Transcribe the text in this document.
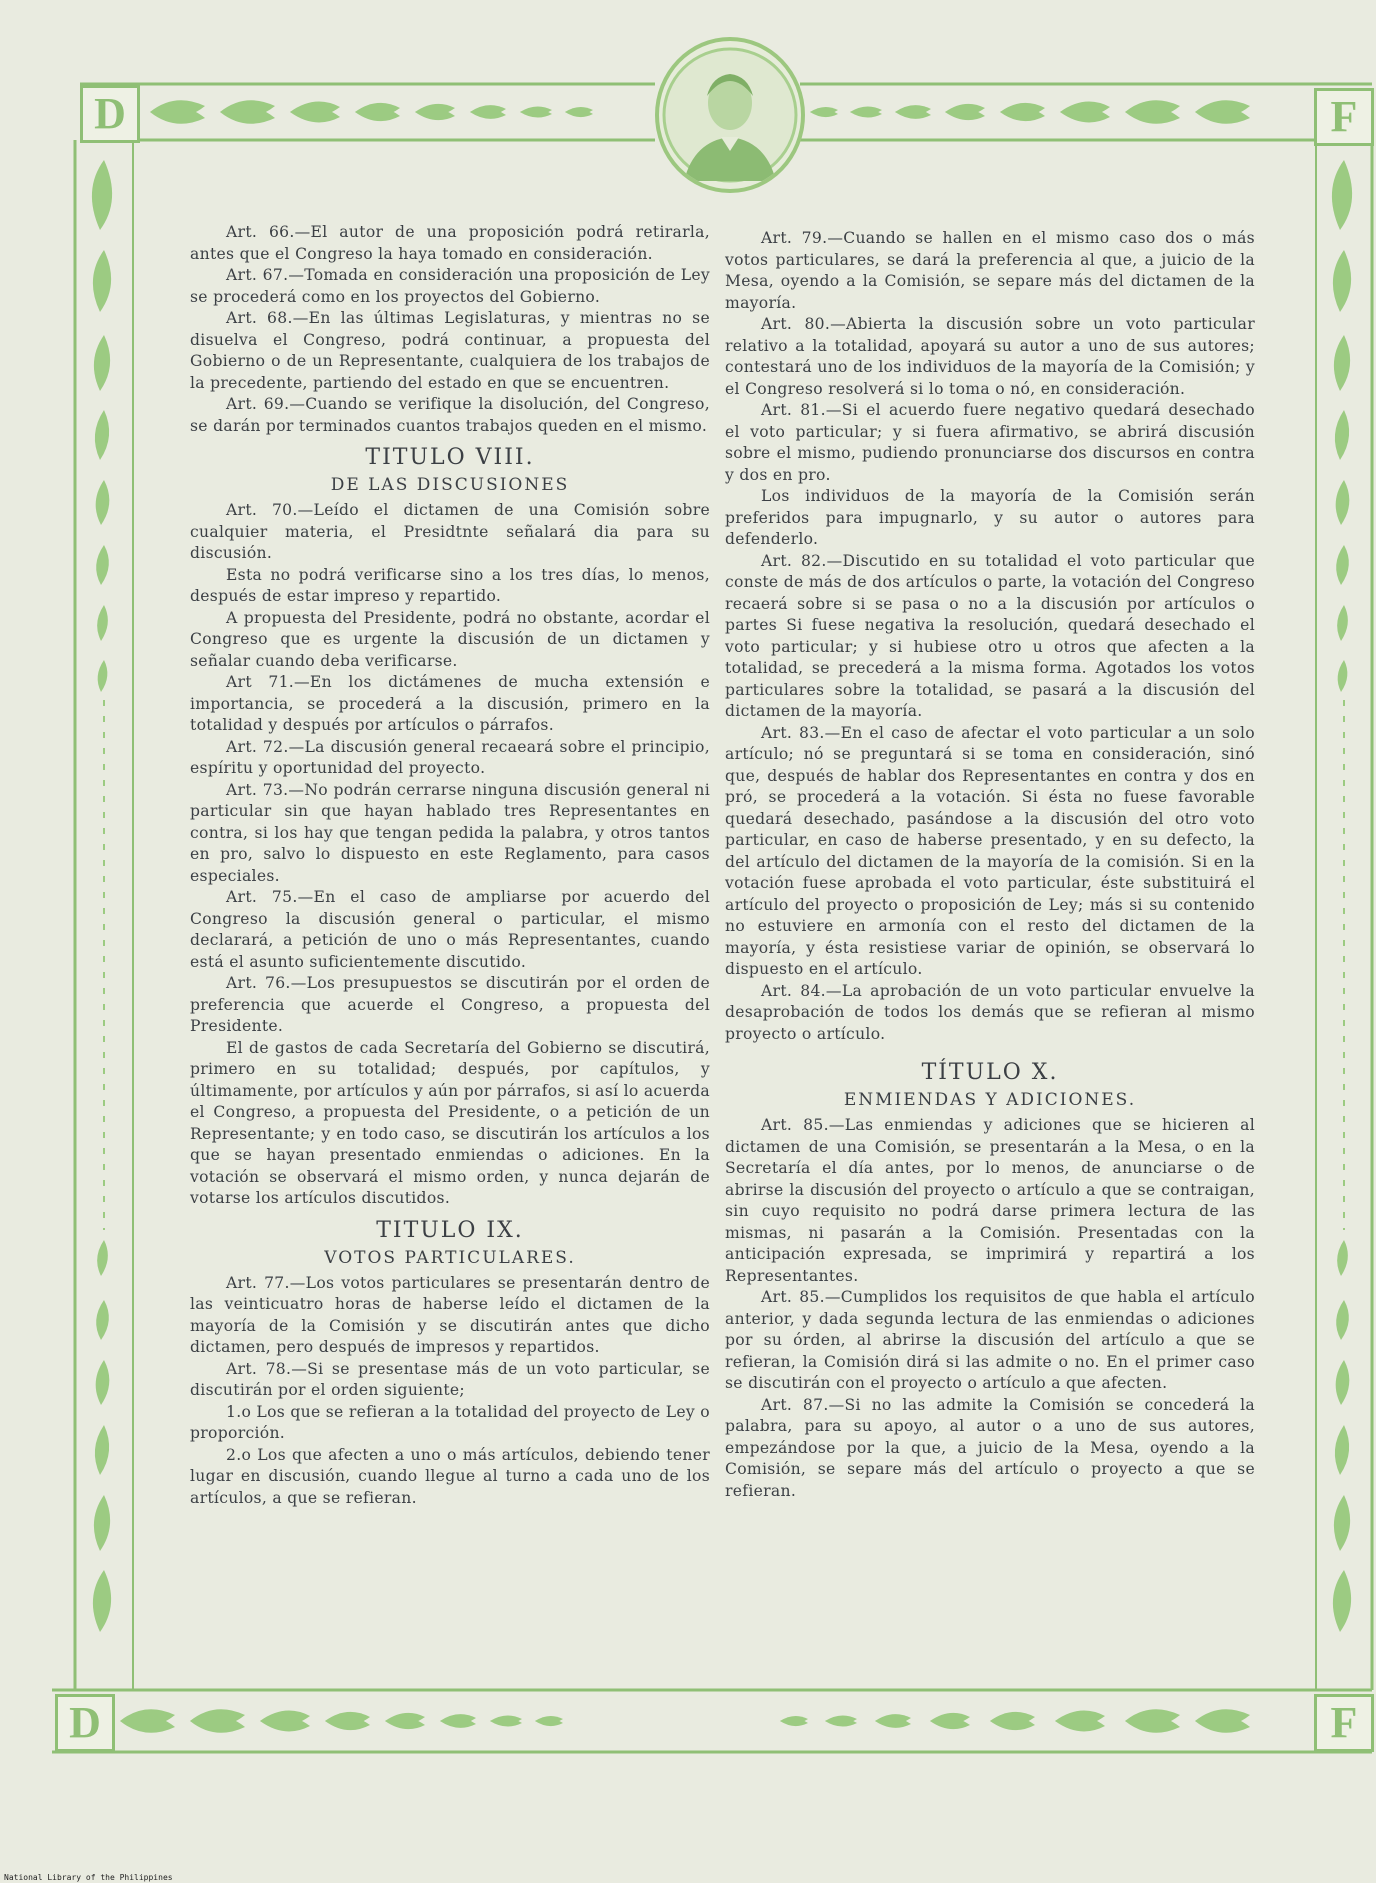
D	F
D	F

Art. 66.—El autor de una proposición podrá retirarla, antes que el Congreso la haya tomado en consideración.

Art. 67.—Tomada en consideración una proposición de Ley se procederá como en los proyectos del Gobierno.

Art. 68.—En las últimas Legislaturas, y mientras no se disuelva el Congreso, podrá continuar, a propuesta del Gobierno o de un Representante, cualquiera de los trabajos de la precedente, partiendo del estado en que se encuentren.

Art. 69.—Cuando se verifique la disolución, del Congreso, se darán por terminados cuantos trabajos queden en el mismo.

TITULO VIII.
DE LAS DISCUSIONES

Art. 70.—Leído el dictamen de una Comisión sobre cualquier materia, el Presidtnte señalará dia para su discusión.

Esta no podrá verificarse sino a los tres días, lo menos, después de estar impreso y repartido.

A propuesta del Presidente, podrá no obstante, acordar el Congreso que es urgente la discusión de un dictamen y señalar cuando deba verificarse.

Art 71.—En los dictámenes de mucha extensión e importancia, se procederá a la discusión, primero en la totalidad y después por artículos o párrafos.

Art. 72.—La discusión general recaeará sobre el principio, espíritu y oportunidad del proyecto.

Art. 73.—No podrán cerrarse ninguna discusión general ni particular sin que hayan hablado tres Representantes en contra, si los hay que tengan pedida la palabra, y otros tantos en pro, salvo lo dispuesto en este Reglamento, para casos especiales.

Art. 75.—En el caso de ampliarse por acuerdo del Congreso la discusión general o particular, el mismo declarará, a petición de uno o más Representantes, cuando está el asunto suficientemente discutido.

Art. 76.—Los presupuestos se discutirán por el orden de preferencia que acuerde el Congreso, a propuesta del Presidente.

El de gastos de cada Secretaría del Gobierno se discutirá, primero en su totalidad; después, por capítulos, y últimamente, por artículos y aún por párrafos, si así lo acuerda el Congreso, a propuesta del Presidente, o a petición de un Representante; y en todo caso, se discutirán los artículos a los que se hayan presentado enmiendas o adiciones. En la votación se observará el mismo orden, y nunca dejarán de votarse los artículos discutidos.

TITULO IX.
VOTOS PARTICULARES.

Art. 77.—Los votos particulares se presentarán dentro de las veinticuatro horas de haberse leído el dictamen de la mayoría de la Comisión y se discutirán antes que dicho dictamen, pero después de impresos y repartidos.

Art. 78.—Si se presentase más de un voto particular, se discutirán por el orden siguiente;

1.o Los que se refieran a la totalidad del proyecto de Ley o proporción.

2.o Los que afecten a uno o más artículos, debiendo tener lugar en discusión, cuando llegue al turno a cada uno de los artículos, a que se refieran.

Art. 79.—Cuando se hallen en el mismo caso dos o más votos particulares, se dará la preferencia al que, a juicio de la Mesa, oyendo a la Comisión, se separe más del dictamen de la mayoría.

Art. 80.—Abierta la discusión sobre un voto particular relativo a la totalidad, apoyará su autor a uno de sus autores; contestará uno de los individuos de la mayoría de la Comisión; y el Congreso resolverá si lo toma o nó, en consideración.

Art. 81.—Si el acuerdo fuere negativo quedará desechado el voto particular; y si fuera afirmativo, se abrirá discusión sobre el mismo, pudiendo pronunciarse dos discursos en contra y dos en pro.

Los individuos de la mayoría de la Comisión serán preferidos para impugnarlo, y su autor o autores para defenderlo.

Art. 82.—Discutido en su totalidad el voto particular que conste de más de dos artículos o parte, la votación del Congreso recaerá sobre si se pasa o no a la discusión por artículos o partes Si fuese negativa la resolución, quedará desechado el voto particular; y si hubiese otro u otros que afecten a la totalidad, se precederá a la misma forma. Agotados los votos particulares sobre la totalidad, se pasará a la discusión del dictamen de la mayoría.

Art. 83.—En el caso de afectar el voto particular a un solo artículo; nó se preguntará si se toma en consideración, sinó que, después de hablar dos Representantes en contra y dos en pró, se procederá a la votación. Si ésta no fuese favorable quedará desechado, pasándose a la discusión del otro voto particular, en caso de haberse presentado, y en su defecto, la del artículo del dictamen de la mayoría de la comisión. Si en la votación fuese aprobada el voto particular, éste substituirá el artículo del proyecto o proposición de Ley; más si su contenido no estuviere en armonía con el resto del dictamen de la mayoría, y ésta resistiese variar de opinión, se observará lo dispuesto en el artículo.

Art. 84.—La aprobación de un voto particular envuelve la desaprobación de todos los demás que se refieran al mismo proyecto o artículo.

TÍTULO X.
ENMIENDAS Y ADICIONES.

Art. 85.—Las enmiendas y adiciones que se hicieren al dictamen de una Comisión, se presentarán a la Mesa, o en la Secretaría el día antes, por lo menos, de anunciarse o de abrirse la discusión del proyecto o artículo a que se contraigan, sin cuyo requisito no podrá darse primera lectura de las mismas, ni pasarán a la Comisión. Presentadas con la anticipación expresada, se imprimirá y repartirá a los Representantes.

Art. 85.—Cumplidos los requisitos de que habla el artículo anterior, y dada segunda lectura de las enmiendas o adiciones por su órden, al abrirse la discusión del artículo a que se refieran, la Comisión dirá si las admite o no. En el primer caso se discutirán con el proyecto o artículo a que afecten.

Art. 87.—Si no las admite la Comisión se concederá la palabra, para su apoyo, al autor o a uno de sus autores, empezándose por la que, a juicio de la Mesa, oyendo a la Comisión, se separe más del artículo o proyecto a que se refieran.

National Library of the Philippines
